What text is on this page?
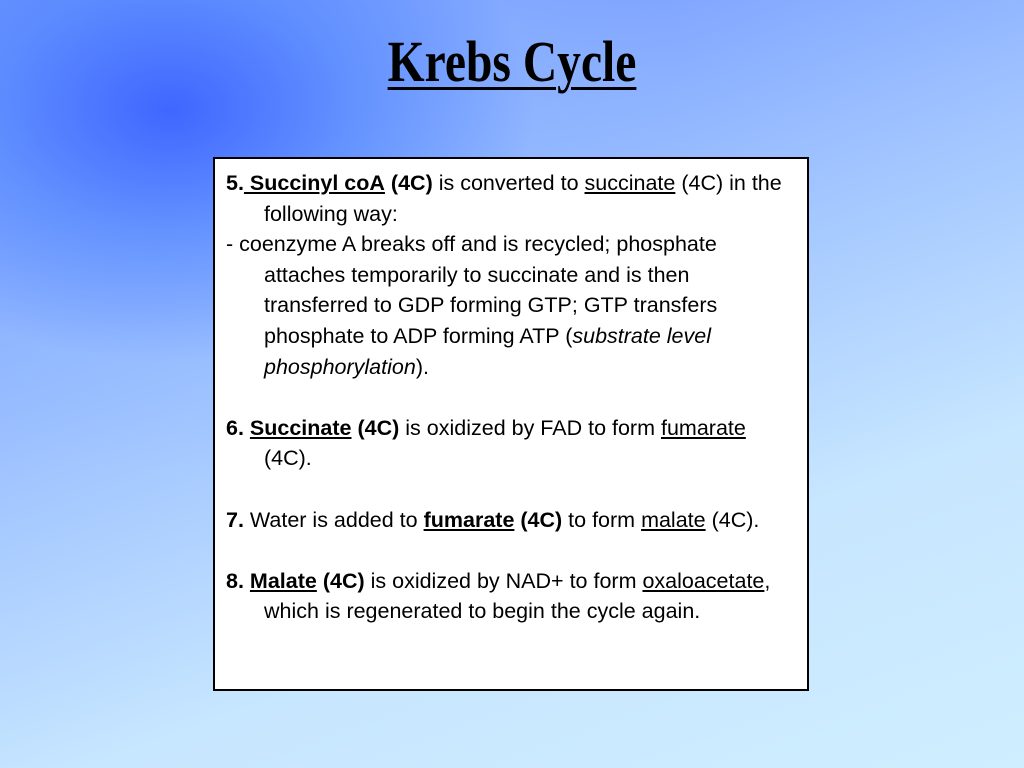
Krebs Cycle

5. Succinyl coA (4C) is converted to succinate (4C) in the following way:

- coenzyme A breaks off and is recycled; phosphate attaches temporarily to succinate and is then transferred to GDP forming GTP; GTP transfers phosphate to ADP forming ATP (substrate level phosphorylation).

6. Succinate (4C) is oxidized by FAD to form fumarate (4C).

7. Water is added to fumarate (4C) to form malate (4C).

8. Malate (4C) is oxidized by NAD+ to form oxaloacetate, which is regenerated to begin the cycle again.
